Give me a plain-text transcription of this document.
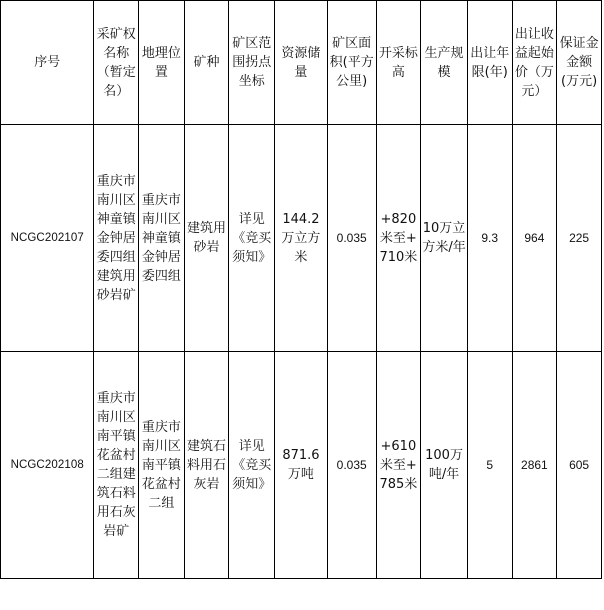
序号	采矿权名称（暂定名）	地理位置	矿种	矿区范围拐点坐标	资源储量	矿区面积(平方公里)	开采标高	生产规模	出让年限(年)	出让收益起始价（万元）	保证金金额(万元)
NCGC202107	重庆市南川区神童镇金钟居委四组建筑用砂岩矿	重庆市南川区神童镇金钟居委四组	建筑用砂岩	详见《竞买须知》	144.2万立方米	0.035	+820米至+710米	10万立方米/年	9.3	964	225
NCGC202108	重庆市南川区南平镇花盆村二组建筑石料用石灰岩矿	重庆市南川区南平镇花盆村二组	建筑石料用石灰岩	详见《竞买须知》	871.6万吨	0.035	+610米至+785米	100万吨/年	5	2861	605
